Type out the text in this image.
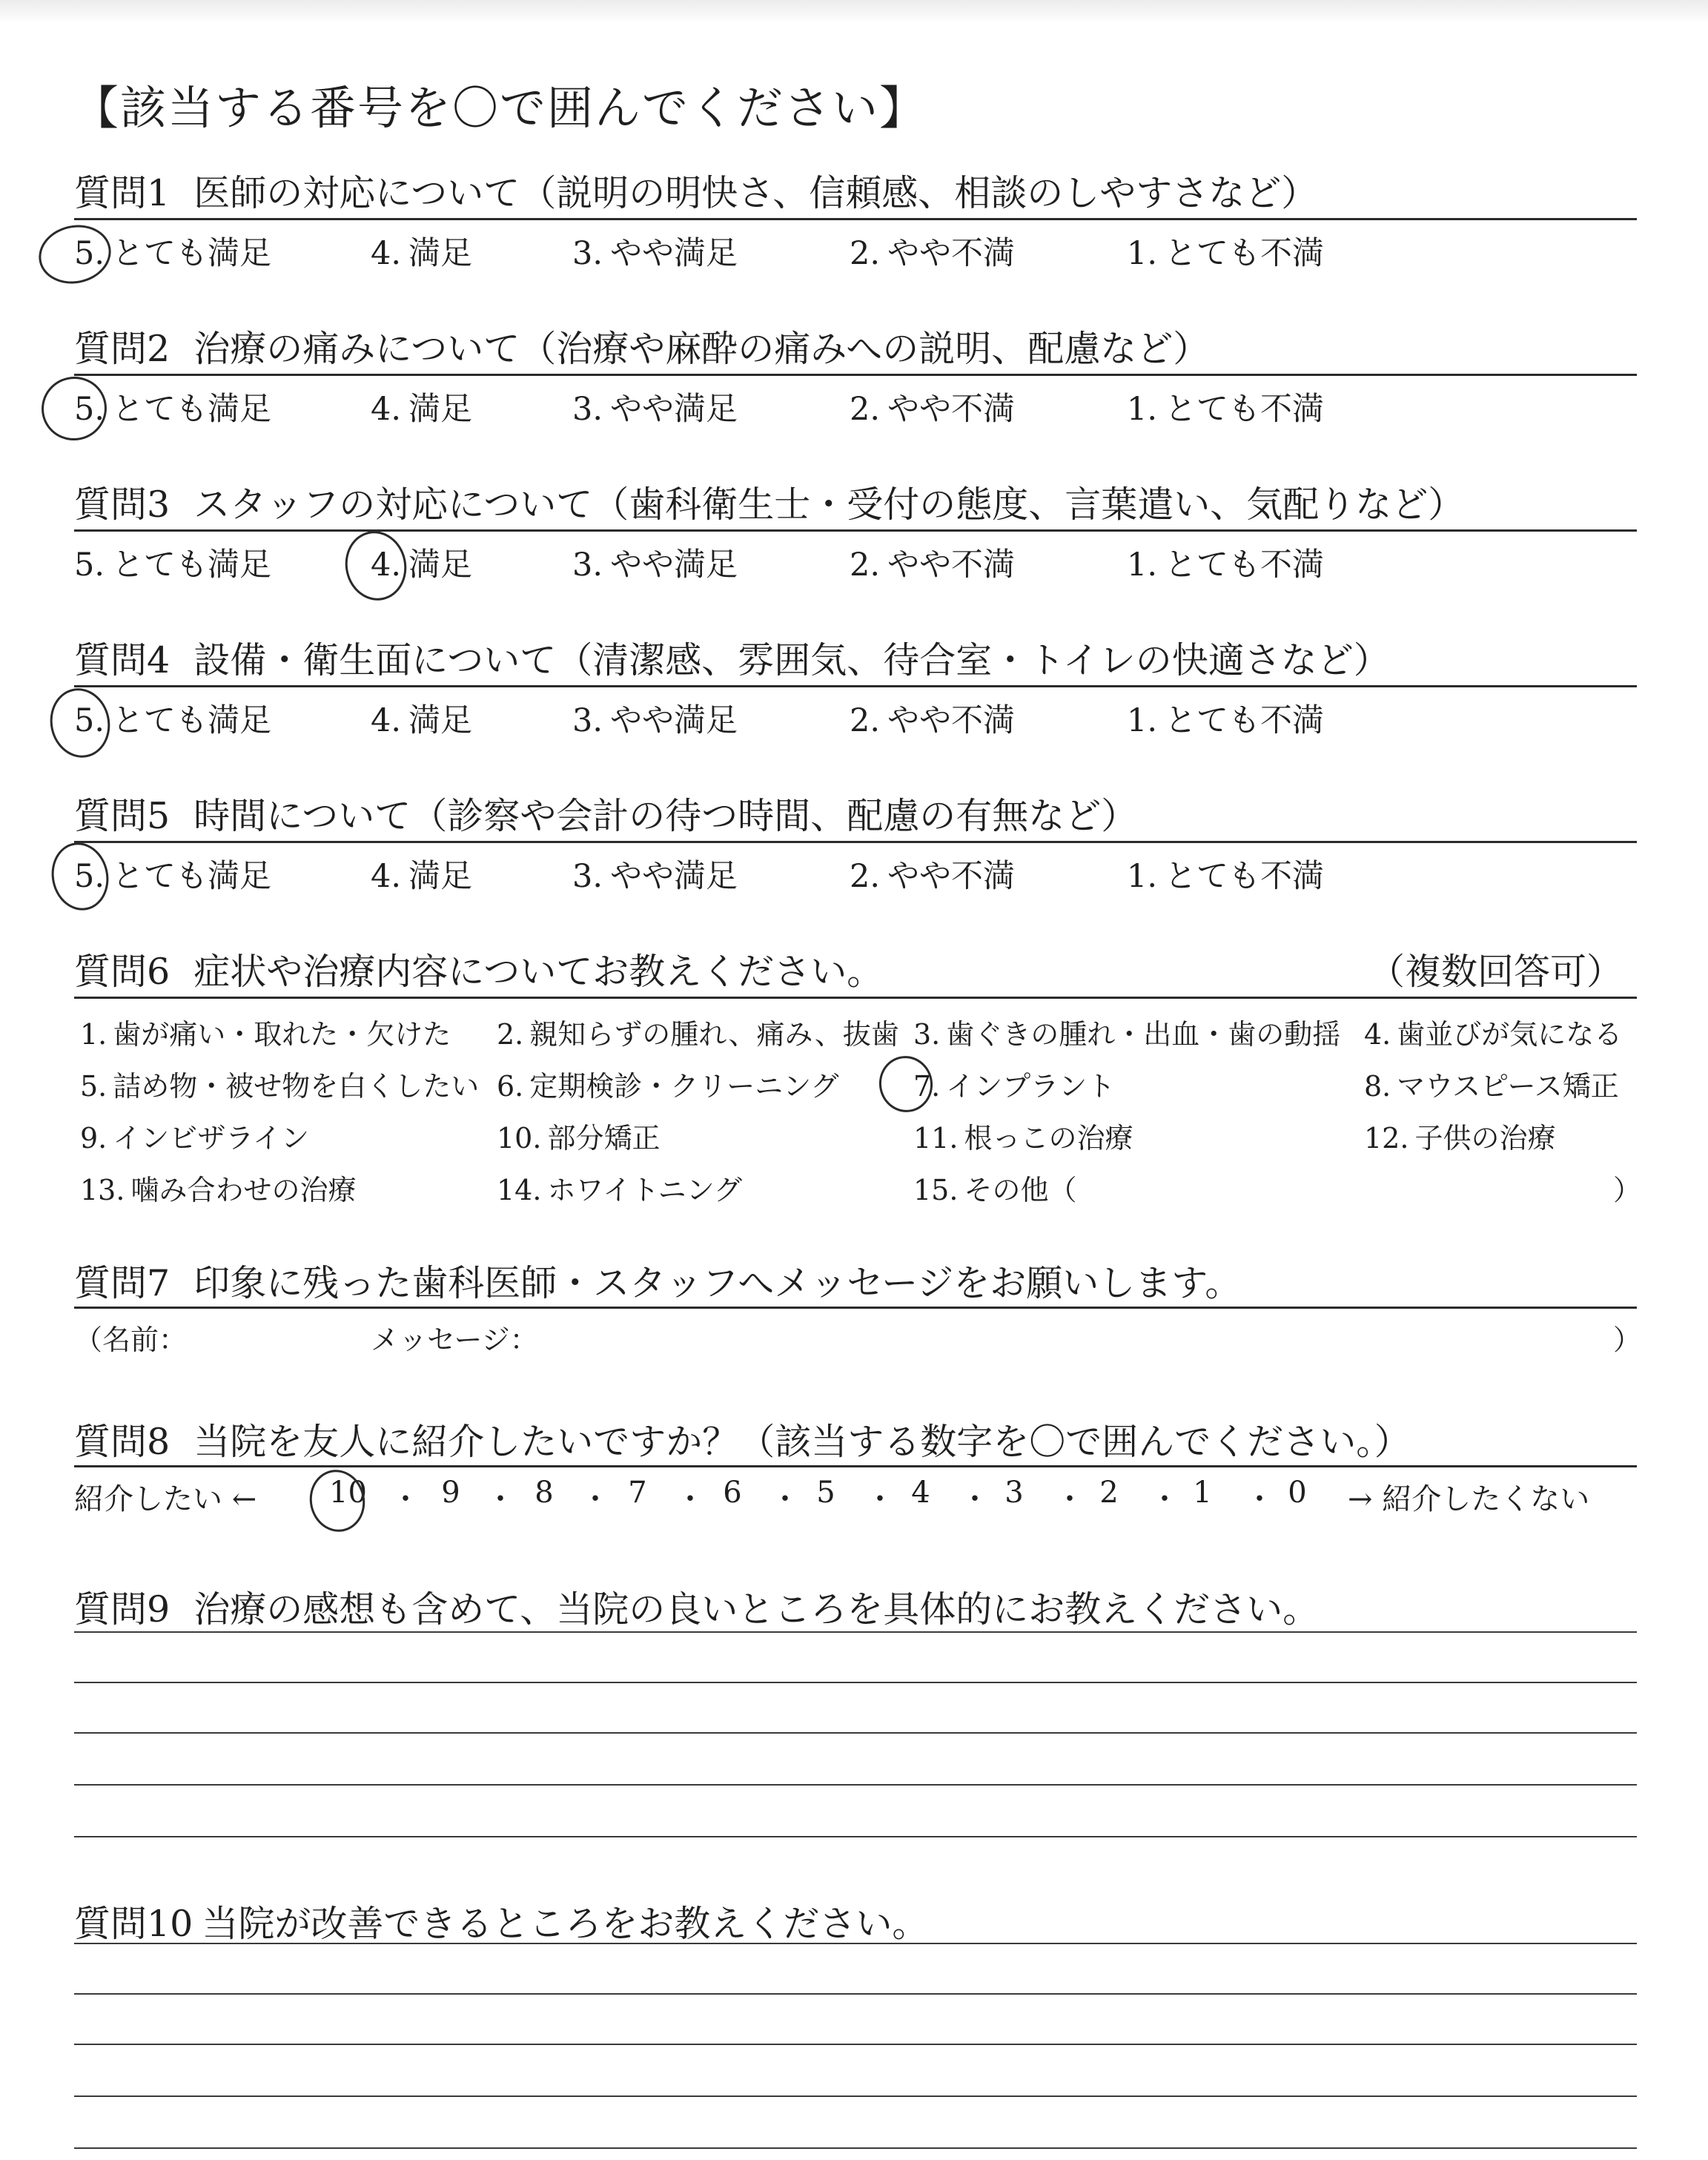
【該当する番号を〇で囲んでください】
質問1 医師の対応について（説明の明快さ、信頼感、相談のしやすさなど）
5. とても満足	4. 満足	3. やや満足	2. やや不満	1. とても不満
質問2 治療の痛みについて（治療や麻酔の痛みへの説明、配慮など）
5. とても満足	4. 満足	3. やや満足	2. やや不満	1. とても不満
質問3 スタッフの対応について（歯科衛生士・受付の態度、言葉遣い、気配りなど）
5. とても満足	4. 満足	3. やや満足	2. やや不満	1. とても不満
質問4 設備・衛生面について（清潔感、雰囲気、待合室・トイレの快適さなど）
5. とても満足	4. 満足	3. やや満足	2. やや不満	1. とても不満
質問5 時間について（診察や会計の待つ時間、配慮の有無など）
5. とても満足	4. 満足	3. やや満足	2. やや不満	1. とても不満
質問6 症状や治療内容についてお教えください。	（複数回答可）
1. 歯が痛い・取れた・欠けた 2. 親知らずの腫れ、痛み、抜歯 3. 歯ぐきの腫れ・出血・歯の動揺 4. 歯並びが気になる
5. 詰め物・被せ物を白くしたい 6. 定期検診・クリーニング	7. インプラント	8. マウスピース矯正
9. インビザライン	10. 部分矯正	11. 根っこの治療	12. 子供の治療
13. 噛み合わせの治療	14. ホワイトニング	15. その他（	）
質問7 印象に残った歯科医師・スタッフへメッセージをお願いします。
（名前：	メッセージ：	）
質問8 当院を友人に紹介したいですか？（該当する数字を〇で囲んでください。）
紹介したい ←	→ 紹介したくない
10 ・ 9 ・ 8 ・ 7 ・ 6 ・ 5 ・ 4 ・ 3 ・ 2 ・ 1 ・ 0
質問9 治療の感想も含めて、当院の良いところを具体的にお教えください。
質問10 当院が改善できるところをお教えください。
